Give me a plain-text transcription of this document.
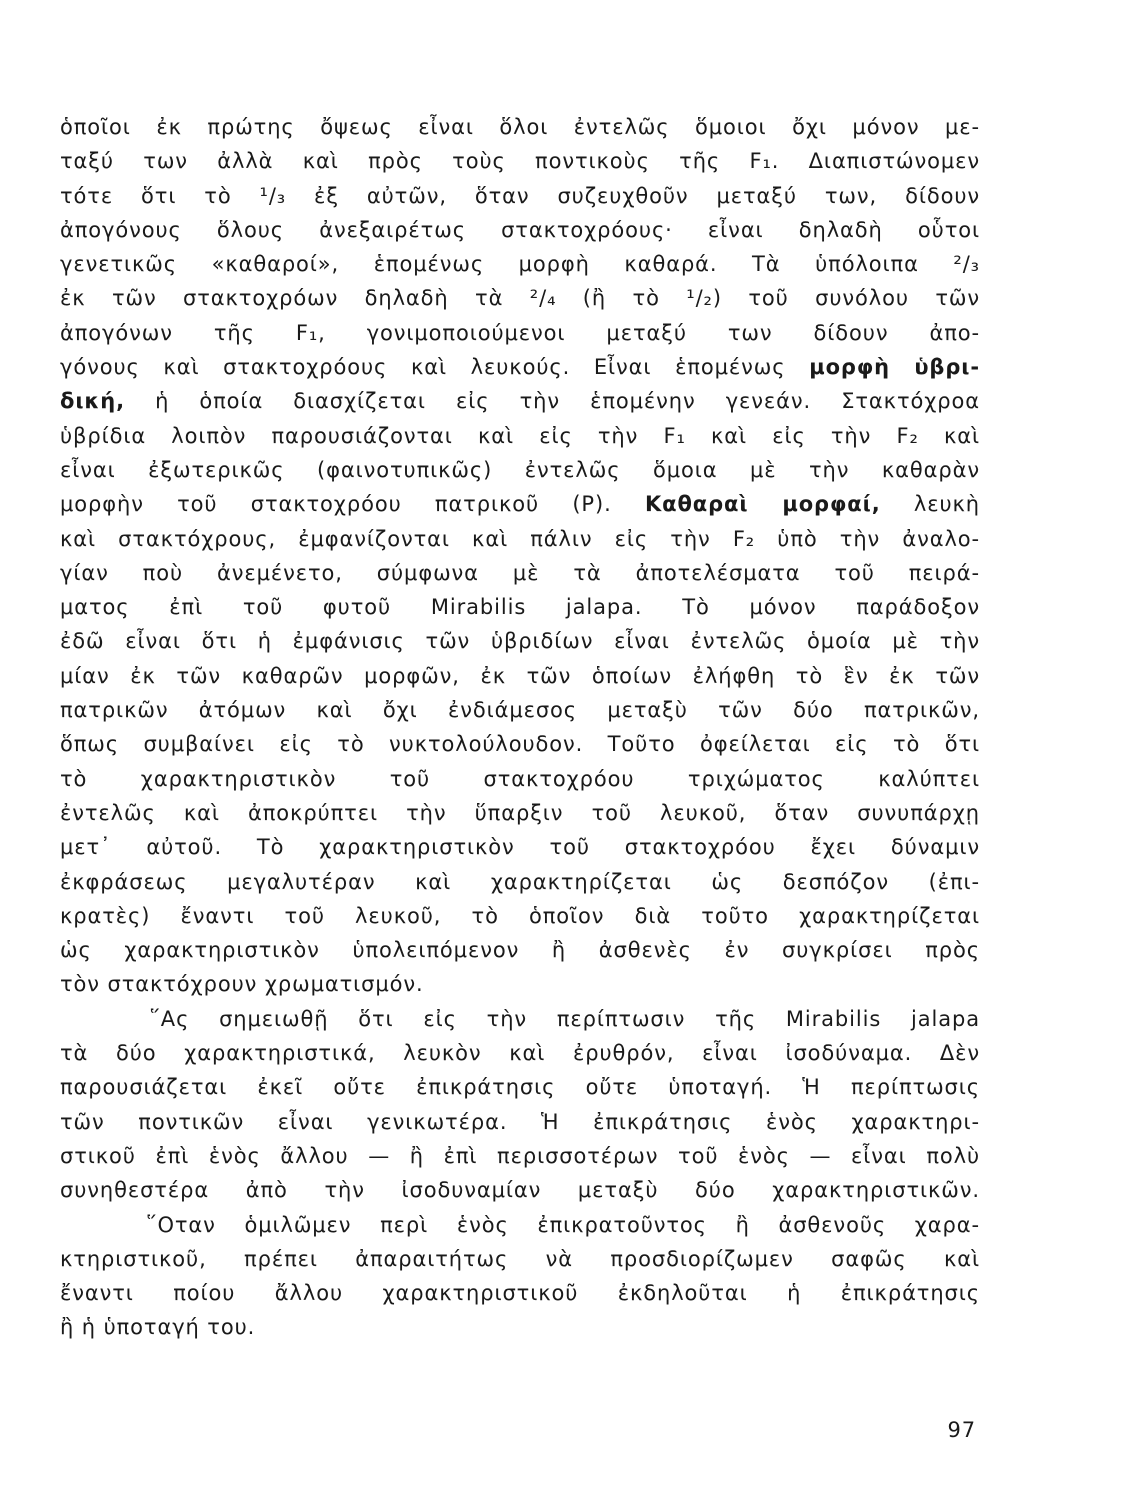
ὁποῖοι ἐκ πρώτης ὄψεως εἶναι ὅλοι ἐντελῶς ὅμοιοι ὄχι μόνον με-
ταξύ των ἀλλὰ καὶ πρὸς τοὺς ποντικοὺς τῆς F₁. Διαπιστώνομεν
τότε ὅτι τὸ ¹/₃ ἐξ αὐτῶν, ὅταν συζευχθοῦν μεταξύ των, δίδουν
ἀπογόνους ὅλους ἀνεξαιρέτως στακτοχρόους· εἶναι δηλαδὴ οὗτοι
γενετικῶς «καθαροί», ἑπομένως μορφὴ καθαρά. Τὰ ὑπόλοιπα ²/₃
ἐκ τῶν στακτοχρόων δηλαδὴ τὰ ²/₄ (ἢ τὸ ¹/₂) τοῦ συνόλου τῶν
ἀπογόνων τῆς F₁, γονιμοποιούμενοι μεταξύ των δίδουν ἀπο-
γόνους καὶ στακτοχρόους καὶ λευκούς. Εἶναι ἑπομένως μορφὴ ὑβρι-
δική, ἡ ὁποία διασχίζεται εἰς τὴν ἑπομένην γενεάν. Στακτόχροα
ὑβρίδια λοιπὸν παρουσιάζονται καὶ εἰς τὴν F₁ καὶ εἰς τὴν F₂ καὶ
εἶναι ἐξωτερικῶς (φαινοτυπικῶς) ἐντελῶς ὅμοια μὲ τὴν καθαρὰν
μορφὴν τοῦ στακτοχρόου πατρικοῦ (P). Καθαραὶ μορφαί, λευκὴ
καὶ στακτόχρους, ἐμφανίζονται καὶ πάλιν εἰς τὴν F₂ ὑπὸ τὴν ἀναλο-
γίαν ποὺ ἀνεμένετο, σύμφωνα μὲ τὰ ἀποτελέσματα τοῦ πειρά-
ματος ἐπὶ τοῦ φυτοῦ Mirabilis jalapa. Τὸ μόνον παράδοξον
ἐδῶ εἶναι ὅτι ἡ ἐμφάνισις τῶν ὑβριδίων εἶναι ἐντελῶς ὁμοία μὲ τὴν
μίαν ἐκ τῶν καθαρῶν μορφῶν, ἐκ τῶν ὁποίων ἐλήφθη τὸ ἓν ἐκ τῶν
πατρικῶν ἀτόμων καὶ ὄχι ἐνδιάμεσος μεταξὺ τῶν δύο πατρικῶν,
ὅπως συμβαίνει εἰς τὸ νυκτολούλουδον. Τοῦτο ὀφείλεται εἰς τὸ ὅτι
τὸ χαρακτηριστικὸν τοῦ στακτοχρόου τριχώματος καλύπτει
ἐντελῶς καὶ ἀποκρύπτει τὴν ὕπαρξιν τοῦ λευκοῦ, ὅταν συνυπάρχῃ
μετ᾽ αὐτοῦ. Τὸ χαρακτηριστικὸν τοῦ στακτοχρόου ἔχει δύναμιν
ἐκφράσεως μεγαλυτέραν καὶ χαρακτηρίζεται ὡς δεσπόζον (ἐπι-
κρατὲς) ἔναντι τοῦ λευκοῦ, τὸ ὁποῖον διὰ τοῦτο χαρακτηρίζεται
ὡς χαρακτηριστικὸν ὑπολειπόμενον ἢ ἀσθενὲς ἐν συγκρίσει πρὸς
τὸν στακτόχρουν χρωματισμόν.
῞Ας σημειωθῇ ὅτι εἰς τὴν περίπτωσιν τῆς Mirabilis jalapa
τὰ δύο χαρακτηριστικά, λευκὸν καὶ ἐρυθρόν, εἶναι ἰσοδύναμα. Δὲν
παρουσιάζεται ἐκεῖ οὔτε ἐπικράτησις οὔτε ὑποταγή. Ἡ περίπτωσις
τῶν ποντικῶν εἶναι γενικωτέρα. Ἡ ἐπικράτησις ἑνὸς χαρακτηρι-
στικοῦ ἐπὶ ἑνὸς ἄλλου — ἢ ἐπὶ περισσοτέρων τοῦ ἑνὸς — εἶναι πολὺ
συνηθεστέρα ἀπὸ τὴν ἰσοδυναμίαν μεταξὺ δύο χαρακτηριστικῶν.
῞Οταν ὁμιλῶμεν περὶ ἑνὸς ἐπικρατοῦντος ἢ ἀσθενοῦς χαρα-
κτηριστικοῦ, πρέπει ἀπαραιτήτως νὰ προσδιορίζωμεν σαφῶς καὶ
ἔναντι ποίου ἄλλου χαρακτηριστικοῦ ἐκδηλοῦται ἡ ἐπικράτησις
ἢ ἡ ὑποταγή του.
97
